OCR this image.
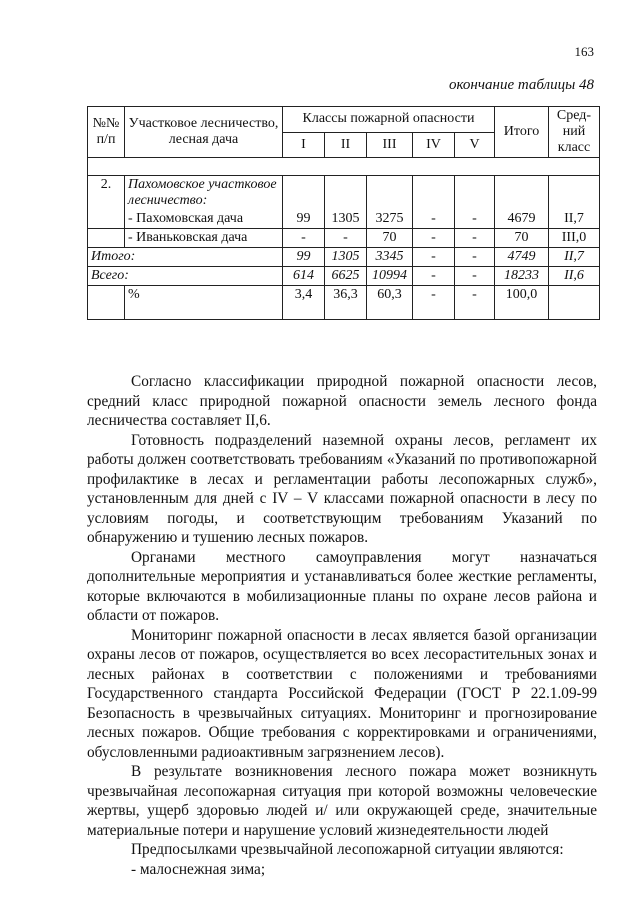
163
окончание таблицы 48
№№ п/п	Участковое лесничество, лесная дача	Классы пожарной опасности					Итого	Сред-ний класс
		I	II	III	IV	V		

2.	Пахомовское участковое лесничество:							
	- Пахомовская дача	99	1305	3275	-	-	4679	II,7
	- Иваньковская дача	-	-	70	-	-	70	III,0
Итого:		99	1305	3345	-	-	4749	II,7
Всего:		614	6625	10994	-	-	18233	II,6
	%	3,4	36,3	60,3	-	-	100,0	

Согласно классификации природной пожарной опасности лесов, средний класс природной пожарной опасности земель лесного фонда лесничества составляет II,6.

Готовность подразделений наземной охраны лесов, регламент их работы должен соответствовать требованиям «Указаний по противопожарной профилактике в лесах и регламентации работы лесопожарных служб», установленным для дней с IV – V классами пожарной опасности в лесу по условиям погоды, и соответствующим требованиям Указаний по обнаружению и тушению лесных пожаров.

Органами местного самоуправления могут назначаться дополнительные мероприятия и устанавливаться более жесткие регламенты, которые включаются в мобилизационные планы по охране лесов района и области от пожаров.

Мониторинг пожарной опасности в лесах является базой организации охраны лесов от пожаров, осуществляется во всех лесорастительных зонах и лесных районах в соответствии с положениями и требованиями Государственного стандарта Российской Федерации (ГОСТ Р 22.1.09-99 Безопасность в чрезвычайных ситуациях. Мониторинг и прогнозирование лесных пожаров. Общие требования с корректировками и ограничениями, обусловленными радиоактивным загрязнением лесов).

В результате возникновения лесного пожара может возникнуть чрезвычайная лесопожарная ситуация при которой возможны человеческие жертвы, ущерб здоровью людей и/ или окружающей среде, значительные материальные потери и нарушение условий жизнедеятельности людей

Предпосылками чрезвычайной лесопожарной ситуации являются:

- малоснежная зима;
